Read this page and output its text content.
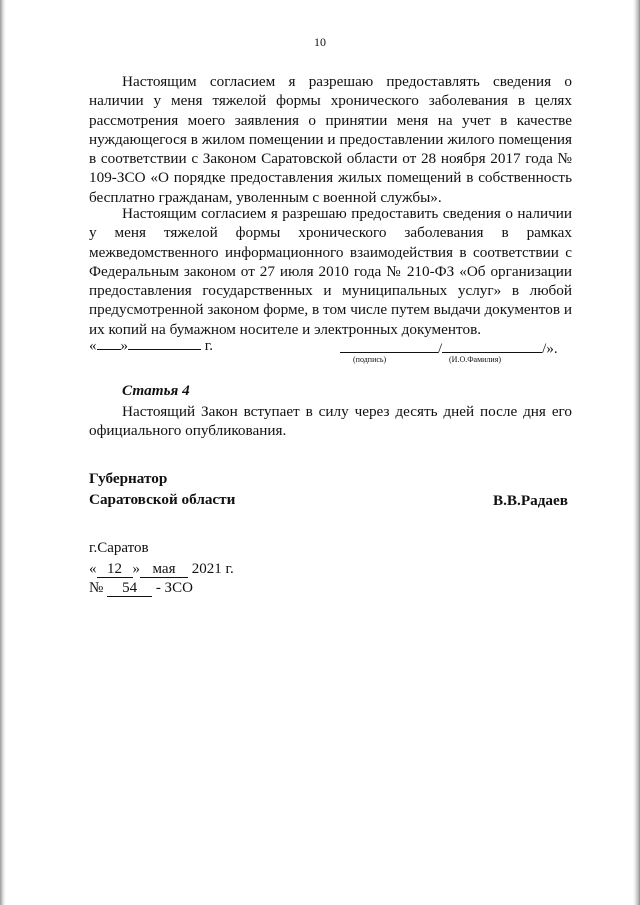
10

Настоящим согласием я разрешаю предоставлять сведения о наличии у меня тяжелой формы хронического заболевания в целях рассмотрения моего заявления о принятии меня на учет в качестве нуждающегося в жилом помещении и предоставлении жилого помещения в соответствии с Законом Саратовской области от 28 ноября 2017 года № 109-ЗСО «О порядке предоставления жилых помещений в собственность бесплатно гражданам, уволенным с военной службы».

Настоящим согласием я разрешаю предоставить сведения о наличии у меня тяжелой формы хронического заболевания в рамках межведомственного информационного взаимодействия в соответствии с Федеральным законом от 27 июля 2010 года № 210-ФЗ «Об организации предоставления государственных и муниципальных услуг» в любой предусмотренной законом форме, в том числе путем выдачи документов и их копий на бумажном носителе и электронных документов.

« »	г.	/	/».
(подпись)	(И.О.Фамилия)
Статья 4

Настоящий Закон вступает в силу через десять дней после дня его официального опубликования.

Губернатор
Саратовской области	В.В.Радаев
г.Саратов
« 12 » мая 2021 г.
№ 54 - ЗСО
